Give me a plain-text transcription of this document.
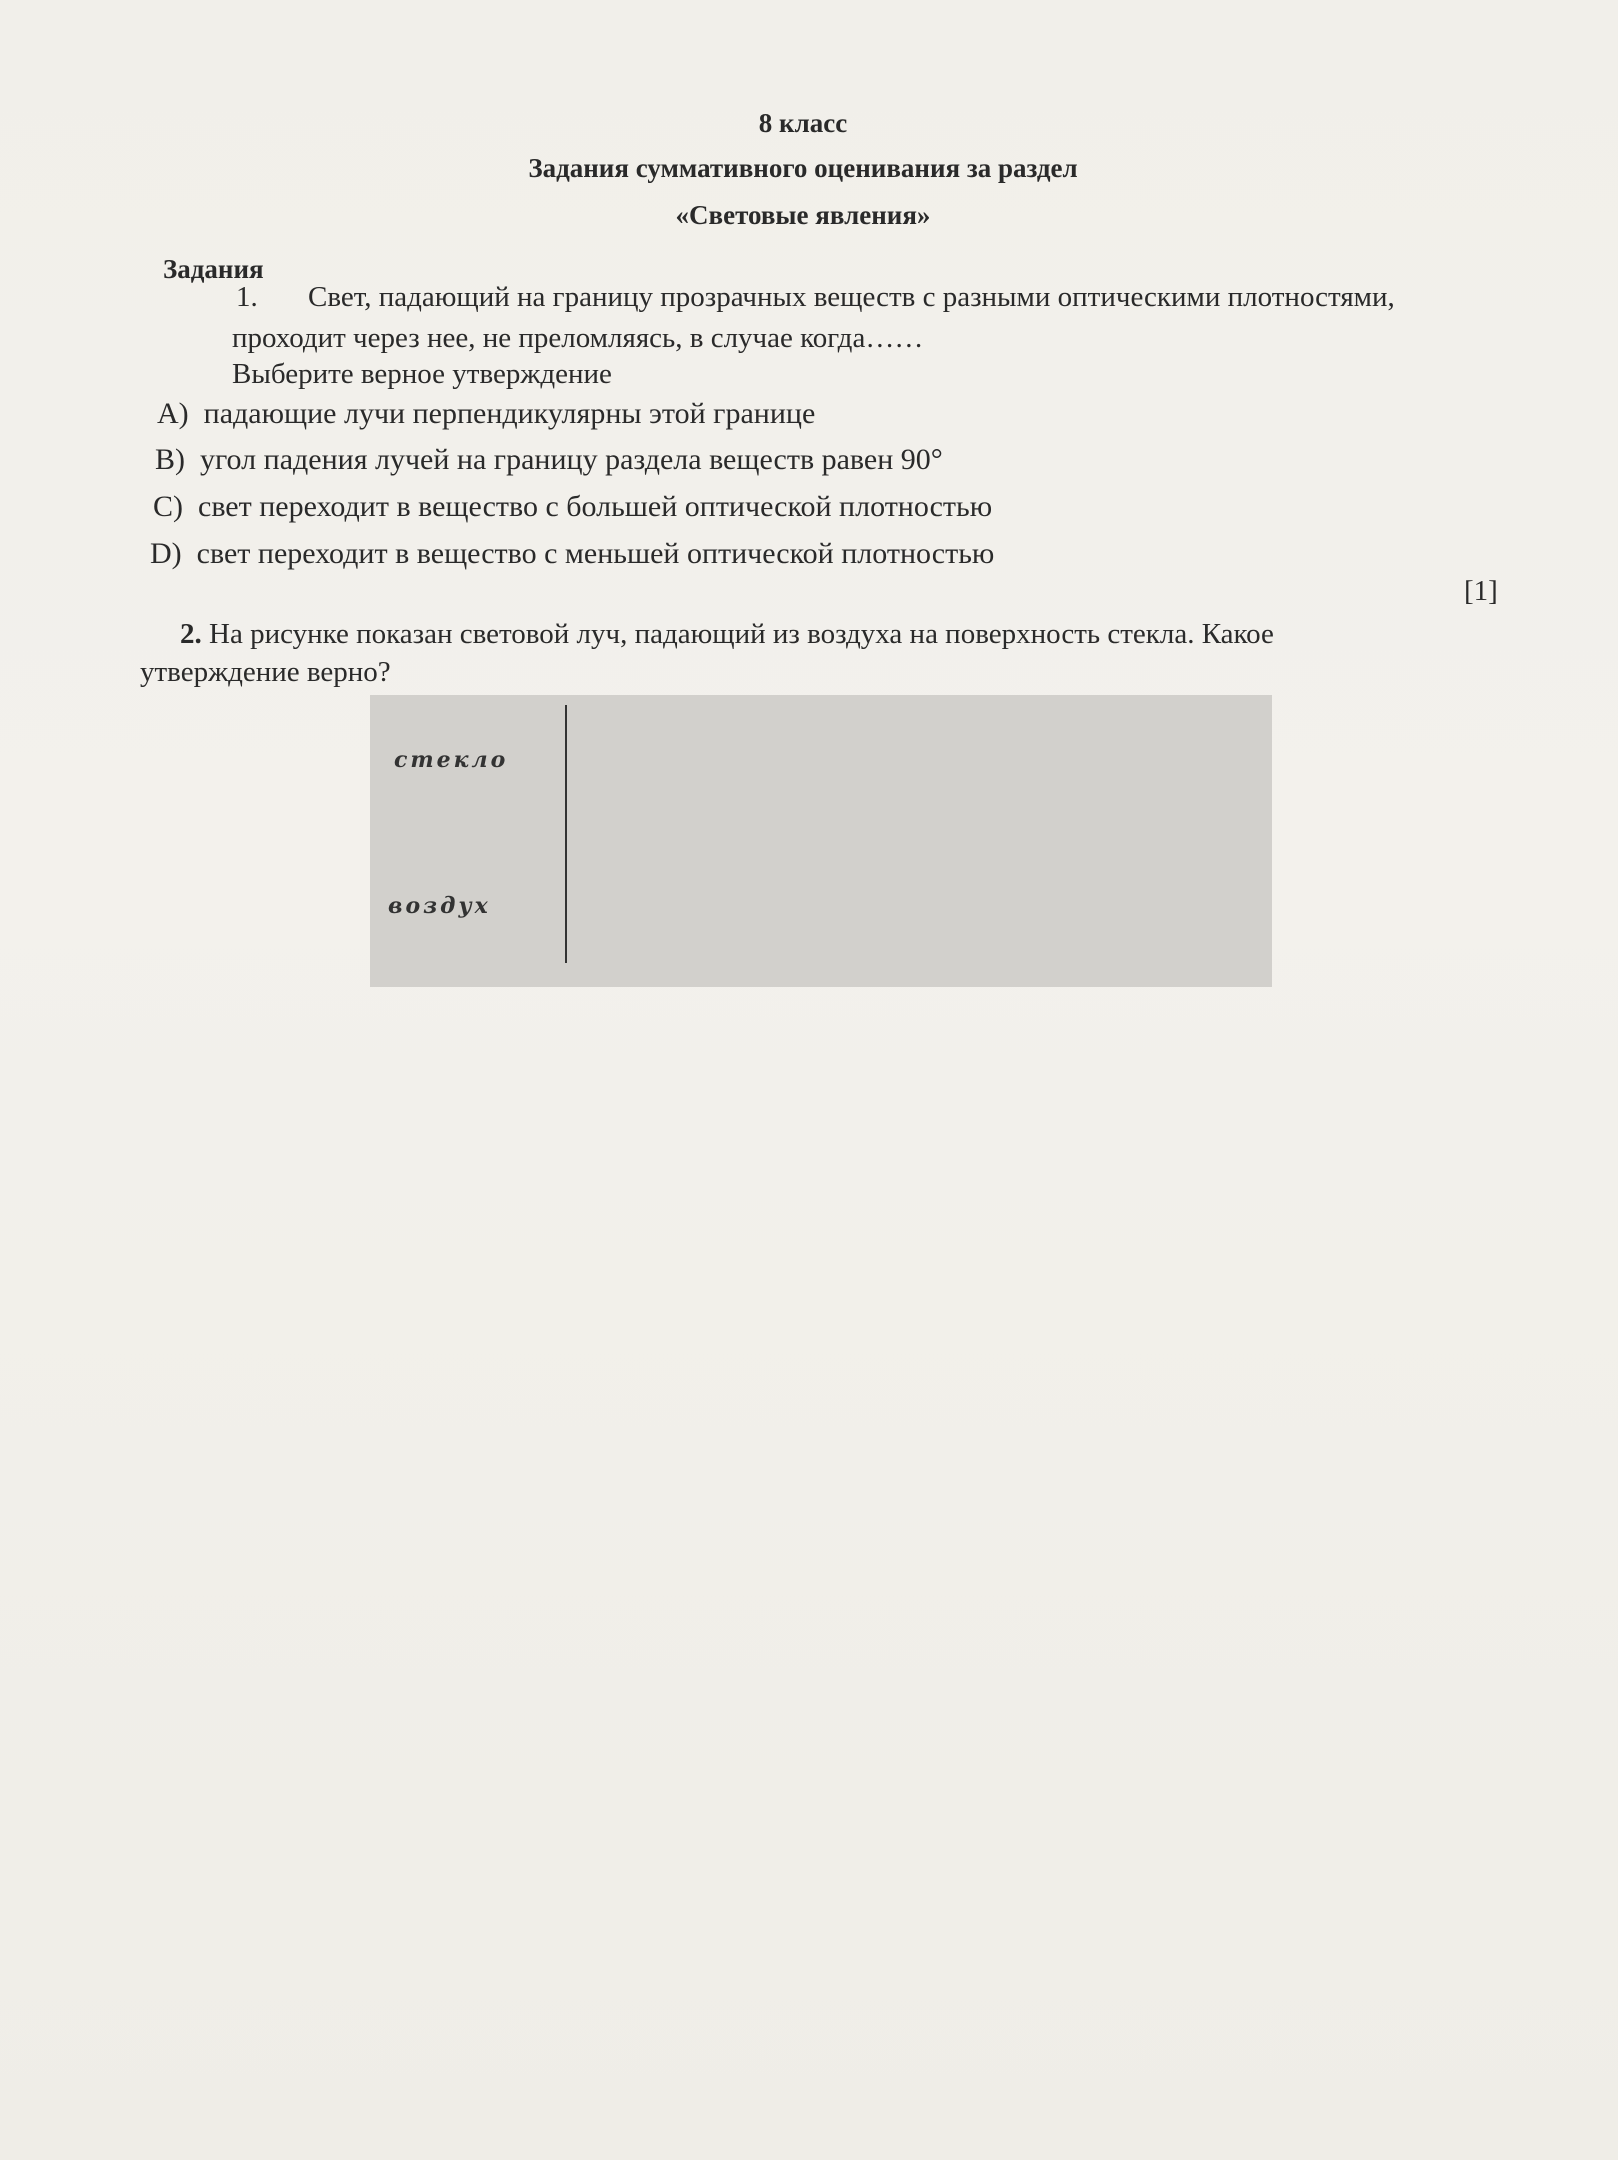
8 класс
Задания суммативного оценивания за раздел
«Световые явления»
Задания
1. Свет, падающий на границу прозрачных веществ с разными оптическими плотностями,
проходит через нее, не преломляясь, в случае когда……
Выберите верное утверждение
A) падающие лучи перпендикулярны этой границе
B) угол падения лучей на границу раздела веществ равен 90°
C) свет переходит в вещество с большей оптической плотностью
D) свет переходит в вещество с меньшей оптической плотностью
[1]
2. На рисунке показан световой луч, падающий из воздуха на поверхность стекла. Какое
утверждение верно?
стекло
воздух
